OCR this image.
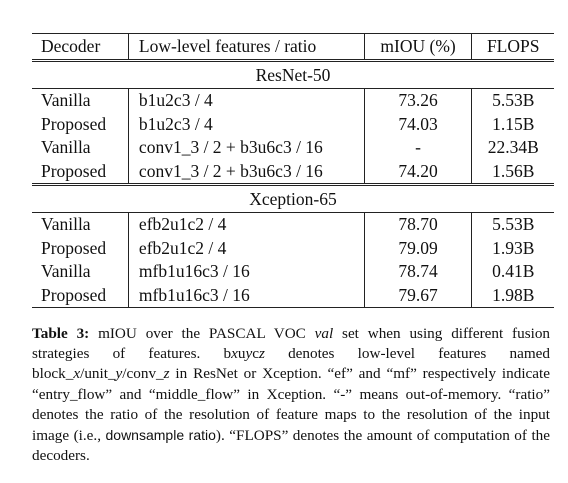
Decoder	Low-level features / ratio	mIOU (%)	FLOPS
ResNet-50			
Vanilla	b1u2c3 / 4	73.26	5.53B
Proposed	b1u2c3 / 4	74.03	1.15B
Vanilla	conv1_3 / 2 + b3u6c3 / 16	-	22.34B
Proposed	conv1_3 / 2 + b3u6c3 / 16	74.20	1.56B
Xception-65			
Vanilla	efb2u1c2 / 4	78.70	5.53B
Proposed	efb2u1c2 / 4	79.09	1.93B
Vanilla	mfb1u16c3 / 16	78.74	0.41B
Proposed	mfb1u16c3 / 16	79.67	1.98B
Table 3: mIOU over the PASCAL VOC val set when using different fusion strategies of features. bxuycz denotes low-level features named block_x/unit_y/conv_z in ResNet or Xception. “ef” and “mf” respectively indicate “entry_flow” and “middle_flow” in Xception. “-” means out-of-memory. “ratio” denotes the ratio of the resolution of feature maps to the resolution of the input image (i.e., downsample ratio). “FLOPS” denotes the amount of computation of the decoders.
